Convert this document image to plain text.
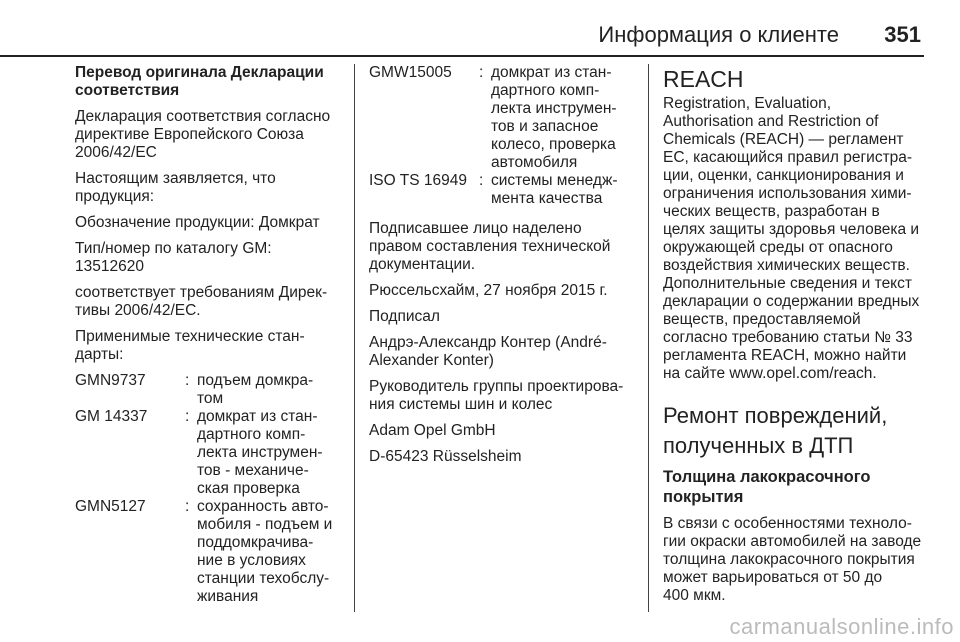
Информация о клиенте 351

Перевод оригинала Декларации
соответствия

Декларация соответствия согласно
директиве Европейского Союза
2006/42/ЕС

Настоящим заявляется, что
продукция:

Обозначение продукции: Домкрат

Тип/номер по каталогу GM:
13512620

соответствует требованиям Дирек-
тивы 2006/42/ЕС.

Применимые технические стан-
дарты:

GMN9737	: подъем домкра-
том
GM 14337	: домкрат из стан-
дартного комп-
лекта инструмен-
тов - механиче-
ская проверка
GMN5127	: сохранность авто-
мобиля - подъем и
поддомкрачива-
ние в условиях
станции техобслу-
живания
GMW15005	: домкрат из стан-
дартного комп-
лекта инструмен-
тов и запасное
колесо, проверка
автомобиля
ISO TS 16949 : системы менедж-
мента качества

Подписавшее лицо наделено
правом составления технической
документации.

Рюссельсхайм, 27 ноября 2015 г.

Подписал

Андрэ-Александр Контер (André-
Alexander Konter)

Руководитель группы проектирова-
ния системы шин и колес

Adam Opel GmbH

D-65423 Rüsselsheim

REACH

Registration, Evaluation,
Authorisation and Restriction of
Chemicals (REACH) — регламент
ЕС, касающийся правил регистра-
ции, оценки, санкционирования и
ограничения использования хими-
ческих веществ, разработан в
целях защиты здоровья человека и
окружающей среды от опасного
воздействия химических веществ.
Дополнительные сведения и текст
декларации о содержании вредных
веществ, предоставляемой
согласно требованию статьи № 33
регламента REACH, можно найти
на сайте www.opel.com/reach.

Ремонт повреждений,
полученных в ДТП
Толщина лакокрасочного
покрытия

В связи с особенностями техноло-
гии окраски автомобилей на заводе
толщина лакокрасочного покрытия
может варьироваться от 50 до
400 мкм.

carmanualsonline.info
